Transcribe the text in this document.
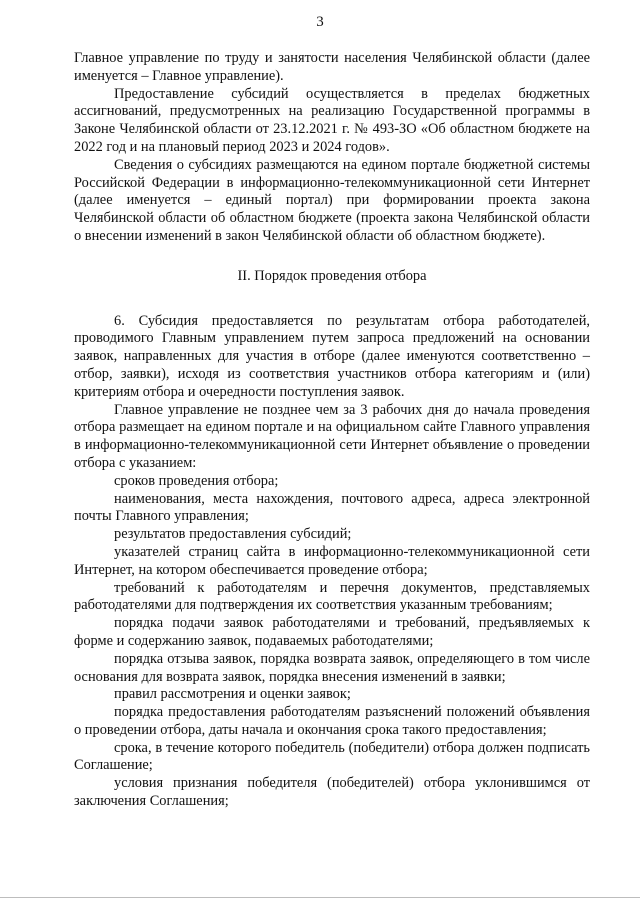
3

Главное управление по труду и занятости населения Челябинской области (далее именуется – Главное управление).

Предоставление субсидий осуществляется в пределах бюджетных ассигнований, предусмотренных на реализацию Государственной программы в Законе Челябинской области от 23.12.2021 г. № 493-ЗО «Об областном бюджете на 2022 год и на плановый период 2023 и 2024 годов».

Сведения о субсидиях размещаются на едином портале бюджетной системы Российской Федерации в информационно-телекоммуникационной сети Интернет (далее именуется – единый портал) при формировании проекта закона Челябинской области об областном бюджете (проекта закона Челябинской области о внесении изменений в закон Челябинской области об областном бюджете).

II. Порядок проведения отбора

6. Субсидия предоставляется по результатам отбора работодателей, проводимого Главным управлением путем запроса предложений на основании заявок, направленных для участия в отборе (далее именуются соответственно – отбор, заявки), исходя из соответствия участников отбора категориям и (или) критериям отбора и очередности поступления заявок.

Главное управление не позднее чем за 3 рабочих дня до начала проведения отбора размещает на едином портале и на официальном сайте Главного управления в информационно-телекоммуникационной сети Интернет объявление о проведении отбора с указанием:

сроков проведения отбора;

наименования, места нахождения, почтового адреса, адреса электронной почты Главного управления;

результатов предоставления субсидий;

указателей страниц сайта в информационно-телекоммуникационной сети Интернет, на котором обеспечивается проведение отбора;

требований к работодателям и перечня документов, представляемых работодателями для подтверждения их соответствия указанным требованиям;

порядка подачи заявок работодателями и требований, предъявляемых к форме и содержанию заявок, подаваемых работодателями;

порядка отзыва заявок, порядка возврата заявок, определяющего в том числе основания для возврата заявок, порядка внесения изменений в заявки;

правил рассмотрения и оценки заявок;

порядка предоставления работодателям разъяснений положений объявления о проведении отбора, даты начала и окончания срока такого предоставления;

срока, в течение которого победитель (победители) отбора должен подписать Соглашение;

условия признания победителя (победителей) отбора уклонившимся от заключения Соглашения;
